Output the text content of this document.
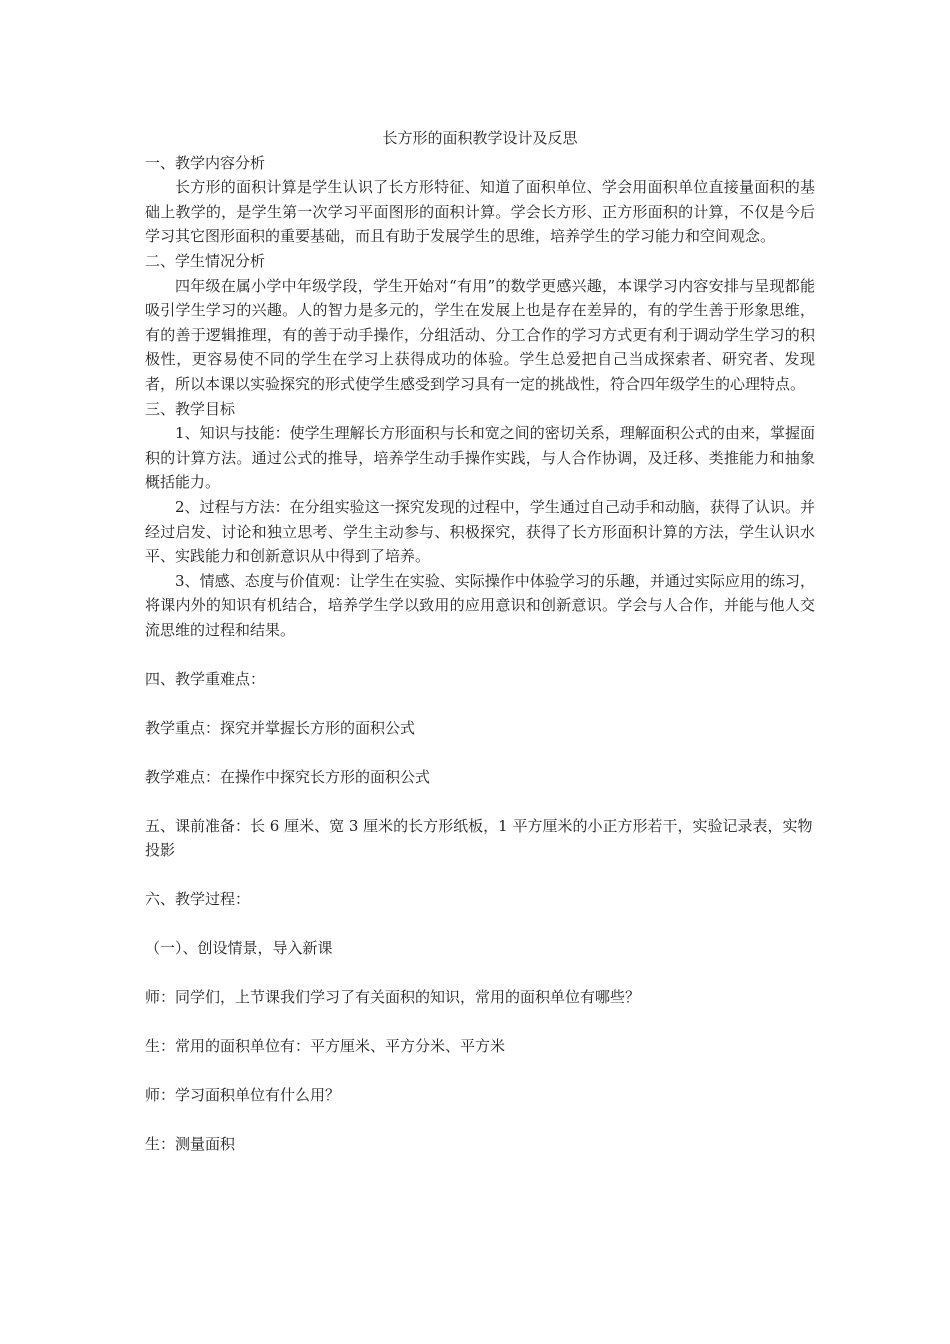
长方形的面积教学设计及反思

一、教学内容分析

长方形的面积计算是学生认识了长方形特征、知道了面积单位、学会用面积单位直接量面积的基础上教学的，是学生第一次学习平面图形的面积计算。学会长方形、正方形面积的计算，不仅是今后学习其它图形面积的重要基础，而且有助于发展学生的思维，培养学生的学习能力和空间观念。

二、学生情况分析

四年级在属小学中年级学段，学生开始对“有用”的数学更感兴趣，本课学习内容安排与呈现都能吸引学生学习的兴趣。人的智力是多元的，学生在发展上也是存在差异的，有的学生善于形象思维，有的善于逻辑推理，有的善于动手操作，分组活动、分工合作的学习方式更有利于调动学生学习的积极性，更容易使不同的学生在学习上获得成功的体验。学生总爱把自己当成探索者、研究者、发现者，所以本课以实验探究的形式使学生感受到学习具有一定的挑战性，符合四年级学生的心理特点。

三、教学目标

1、知识与技能：使学生理解长方形面积与长和宽之间的密切关系，理解面积公式的由来，掌握面积的计算方法。通过公式的推导，培养学生动手操作实践，与人合作协调，及迁移、类推能力和抽象概括能力。

2、过程与方法：在分组实验这一探究发现的过程中，学生通过自己动手和动脑，获得了认识。并经过启发、讨论和独立思考、学生主动参与、积极探究，获得了长方形面积计算的方法，学生认识水平、实践能力和创新意识从中得到了培养。

3、情感、态度与价值观：让学生在实验、实际操作中体验学习的乐趣，并通过实际应用的练习，将课内外的知识有机结合，培养学生学以致用的应用意识和创新意识。学会与人合作，并能与他人交流思维的过程和结果。

四、教学重难点：

教学重点：探究并掌握长方形的面积公式

教学难点：在操作中探究长方形的面积公式

五、课前准备：长 6 厘米、宽 3 厘米的长方形纸板，1 平方厘米的小正方形若干，实验记录表，实物投影

六、教学过程：

（一）、创设情景，导入新课

师：同学们，上节课我们学习了有关面积的知识，常用的面积单位有哪些？

生：常用的面积单位有：平方厘米、平方分米、平方米

师：学习面积单位有什么用？

生：测量面积
